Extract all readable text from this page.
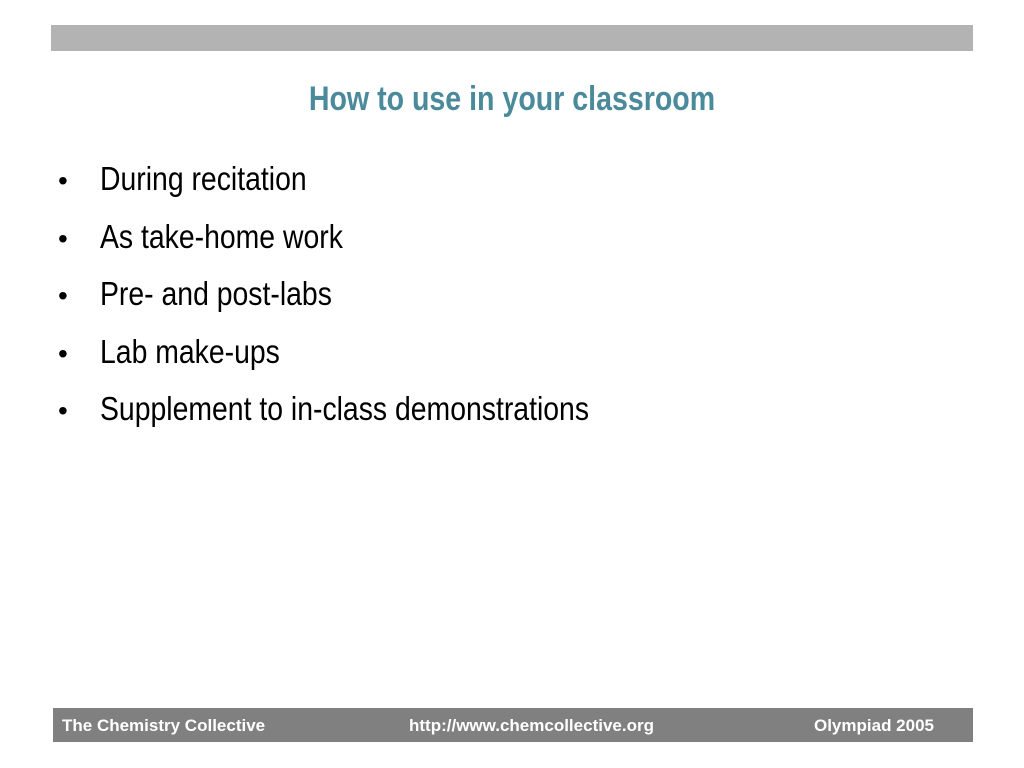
How to use in your classroom
• During recitation
• As take-home work
• Pre- and post-labs
• Lab make-ups
• Supplement to in-class demonstrations
The Chemistry Collective	http://www.chemcollective.org	Olympiad 2005
